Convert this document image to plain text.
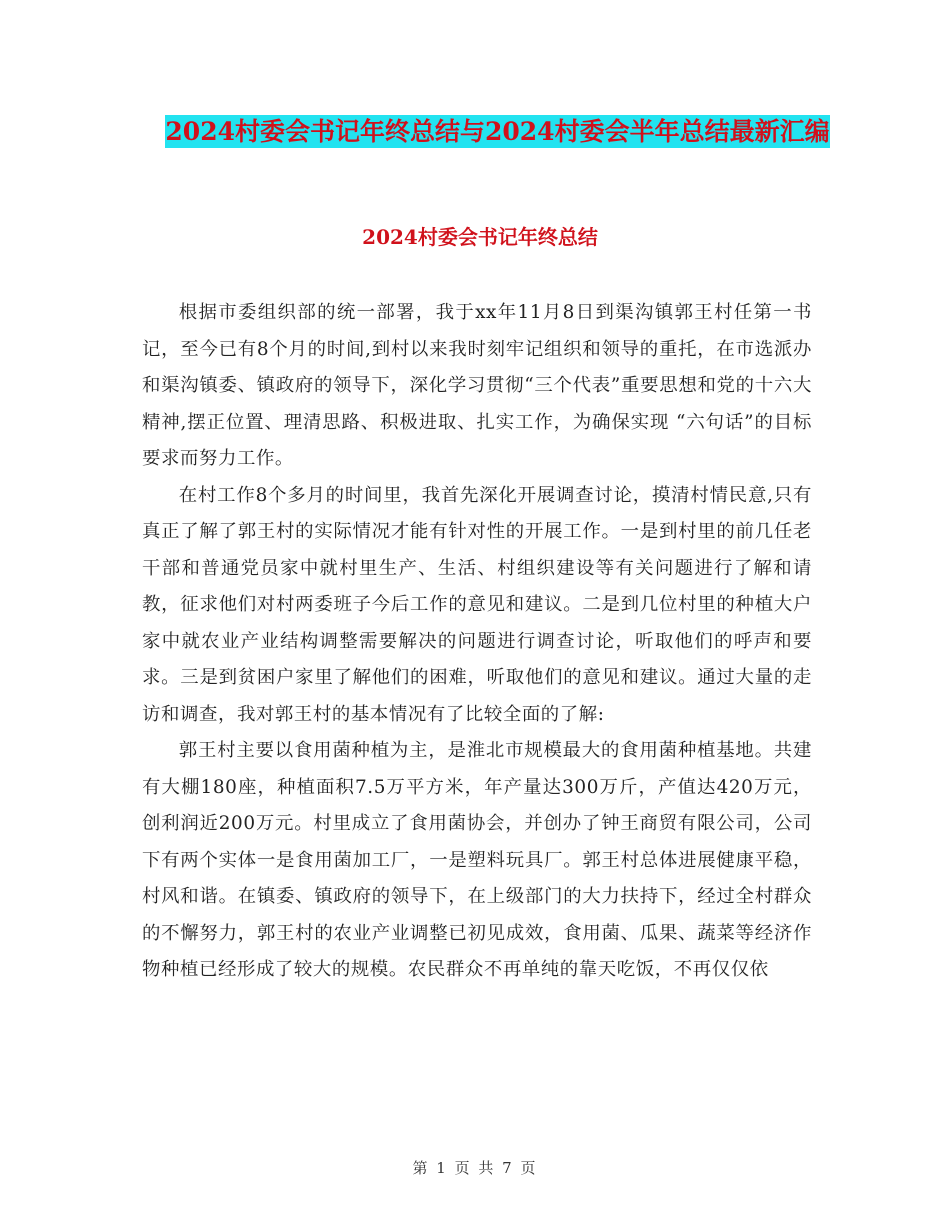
2024村委会书记年终总结与2024村委会半年总结最新汇编
2024村委会书记年终总结

根据市委组织部的统一部署，我于xx年11月8日到渠沟镇郭王村任第一书记，至今已有8个月的时间,到村以来我时刻牢记组织和领导的重托，在市选派办和渠沟镇委、镇政府的领导下，深化学习贯彻“三个代表”重要思想和党的十六大精神,摆正位置、理清思路、积极进取、扎实工作，为确保实现 “六句话”的目标要求而努力工作。

在村工作8个多月的时间里，我首先深化开展调查讨论，摸清村情民意,只有真正了解了郭王村的实际情况才能有针对性的开展工作。一是到村里的前几任老干部和普通党员家中就村里生产、生活、村组织建设等有关问题进行了解和请教，征求他们对村两委班子今后工作的意见和建议。二是到几位村里的种植大户家中就农业产业结构调整需要解决的问题进行调查讨论，听取他们的呼声和要求。三是到贫困户家里了解他们的困难，听取他们的意见和建议。通过大量的走访和调查，我对郭王村的基本情况有了比较全面的了解:

郭王村主要以食用菌种植为主，是淮北市规模最大的食用菌种植基地。共建有大棚180座，种植面积7.5万平方米，年产量达300万斤，产值达420万元，创利润近200万元。村里成立了食用菌协会，并创办了钟王商贸有限公司，公司下有两个实体一是食用菌加工厂，一是塑料玩具厂。郭王村总体进展健康平稳，村风和谐。在镇委、镇政府的领导下，在上级部门的大力扶持下，经过全村群众的不懈努力，郭王村的农业产业调整已初见成效，食用菌、瓜果、蔬菜等经济作物种植已经形成了较大的规模。农民群众不再单纯的靠天吃饭，不再仅仅依

第 1 页 共 7 页
